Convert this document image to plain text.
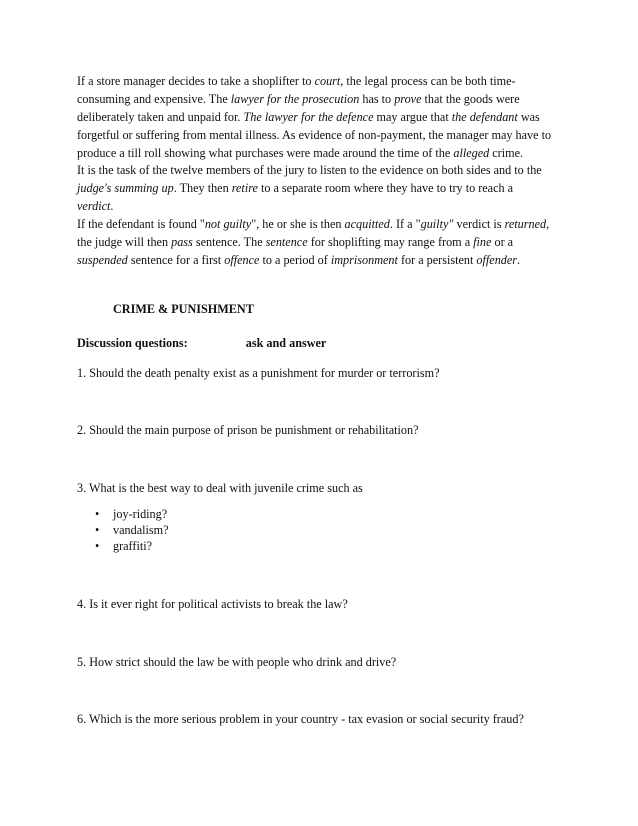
If a store manager decides to take a shoplifter to court, the legal process can be both time-
consuming and expensive. The lawyer for the prosecution has to prove that the goods were
deliberately taken and unpaid for. The lawyer for the defence may argue that the defendant was
forgetful or suffering from mental illness. As evidence of non-payment, the manager may have to
produce a till roll showing what purchases were made around the time of the alleged crime.

It is the task of the twelve members of the jury to listen to the evidence on both sides and to the
judge's summing up. They then retire to a separate room where they have to try to reach a
verdict.

If the defendant is found "not guilty", he or she is then acquitted. If a "guilty" verdict is returned,
the judge will then pass sentence. The sentence for shoplifting may range from a fine or a
suspended sentence for a first offence to a period of imprisonment for a persistent offender.

CRIME & PUNISHMENT

Discussion questions:	ask and answer

1. Should the death penalty exist as a punishment for murder or terrorism?

2. Should the main purpose of prison be punishment or rehabilitation?

3. What is the best way to deal with juvenile crime such as

• joy-riding?
• vandalism?
• graffiti?

4. Is it ever right for political activists to break the law?

5. How strict should the law be with people who drink and drive?

6. Which is the more serious problem in your country - tax evasion or social security fraud?
